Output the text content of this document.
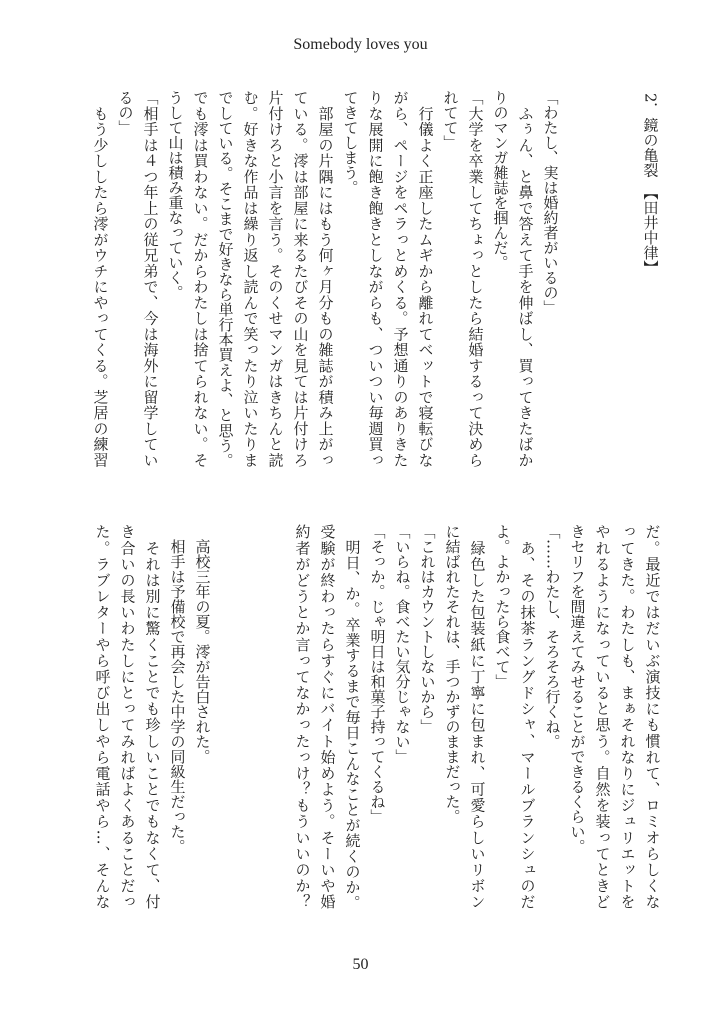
Somebody loves you
2．鏡の亀裂　【田井中律】
「わたし、実は婚約者がいるの」
　ふぅん、と鼻で答えて手を伸ばし、買ってきたばか
りのマンガ雑誌を掴んだ。
「大学を卒業してちょっとしたら結婚するって決めら
れてて」
　行儀よく正座したムギから離れてベットで寝転びな
がら、ページをペラっとめくる。予想通りのありきた
りな展開に飽き飽きとしながらも、ついつい毎週買っ
てきてしまう。
　部屋の片隅にはもう何ヶ月分もの雑誌が積み上がっ
ている。澪は部屋に来るたびその山を見ては片付けろ
片付けろと小言を言う。そのくせマンガはきちんと読
む。好きな作品は繰り返し読んで笑ったり泣いたりま
でしている。そこまで好きなら単行本買えよ、と思う。
でも澪は買わない。だからわたしは捨てられない。そ
うして山は積み重なっていく。
「相手は４つ年上の従兄弟で、今は海外に留学してい
るの」
　もう少ししたら澪がウチにやってくる。芝居の練習
だ。最近ではだいぶ演技にも慣れて、ロミオらしくな
ってきた。わたしも、まぁそれなりにジュリエットを
やれるようになっていると思う。自然を装ってときど
きセリフを間違えてみせることができるくらい。
「……わたし、そろそろ行くね。
　あ、その抹茶ラングドシャ、マールブランシュのだ
よ。よかったら食べて」
　緑色した包装紙に丁寧に包まれ、可愛らしいリボン
に結ばれたそれは、手つかずのままだった。
「これはカウントしないから」
「いらね。食べたい気分じゃない」
「そっか。じゃ明日は和菓子持ってくるね」
　明日、か。卒業するまで毎日こんなことが続くのか。
受験が終わったらすぐにバイト始めよう。そーいや婚
約者がどうとか言ってなかったっけ？もういいのか？
　高校三年の夏。澪が告白された。
　相手は予備校で再会した中学の同級生だった。
　それは別に驚くことでも珍しいことでもなくて、付
き合いの長いわたしにとってみればよくあることだっ
た。ラブレターやら呼び出しやら電話やら…、そんな
50
